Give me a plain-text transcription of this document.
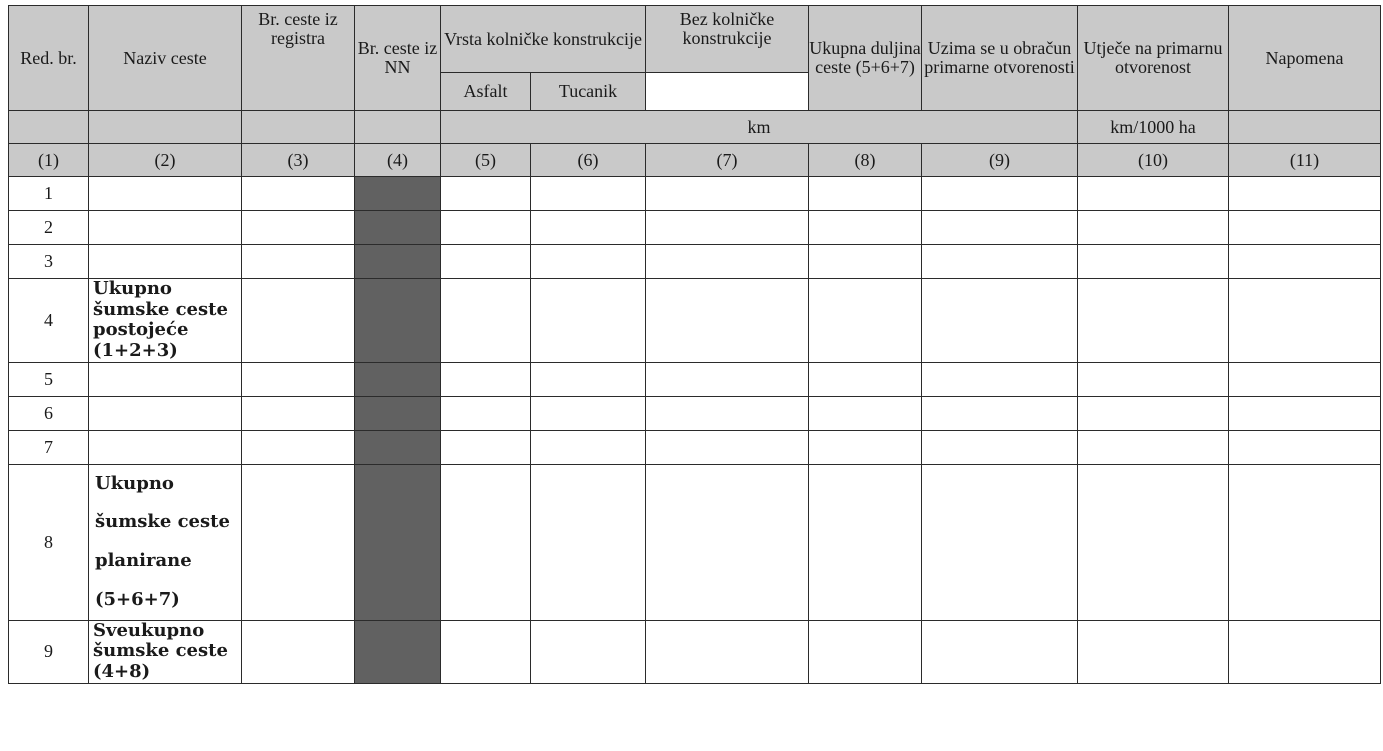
Red. br.	Naziv ceste	Br. ceste iz registra	Br. ceste iz NN	Vrsta kolničke konstrukcije		Bez kolničke konstrukcije	Ukupna duljina ceste (5+6+7)	Uzima se u obračun primarne otvorenosti	Utječe na primarnu otvorenost	Napomena
				Asfalt	Tucanik					
				km					km/1000 ha	
(1)	(2)	(3)	(4)	(5)	(6)	(7)	(8)	(9)	(10)	(11)
1										
2										
3										
4	Ukupno šumske ceste postojeće (1+2+3)									
5										
6										
7										
8	Ukupno šumske ceste planirane (5+6+7)									
9	Sveukupno šumske ceste (4+8)									
